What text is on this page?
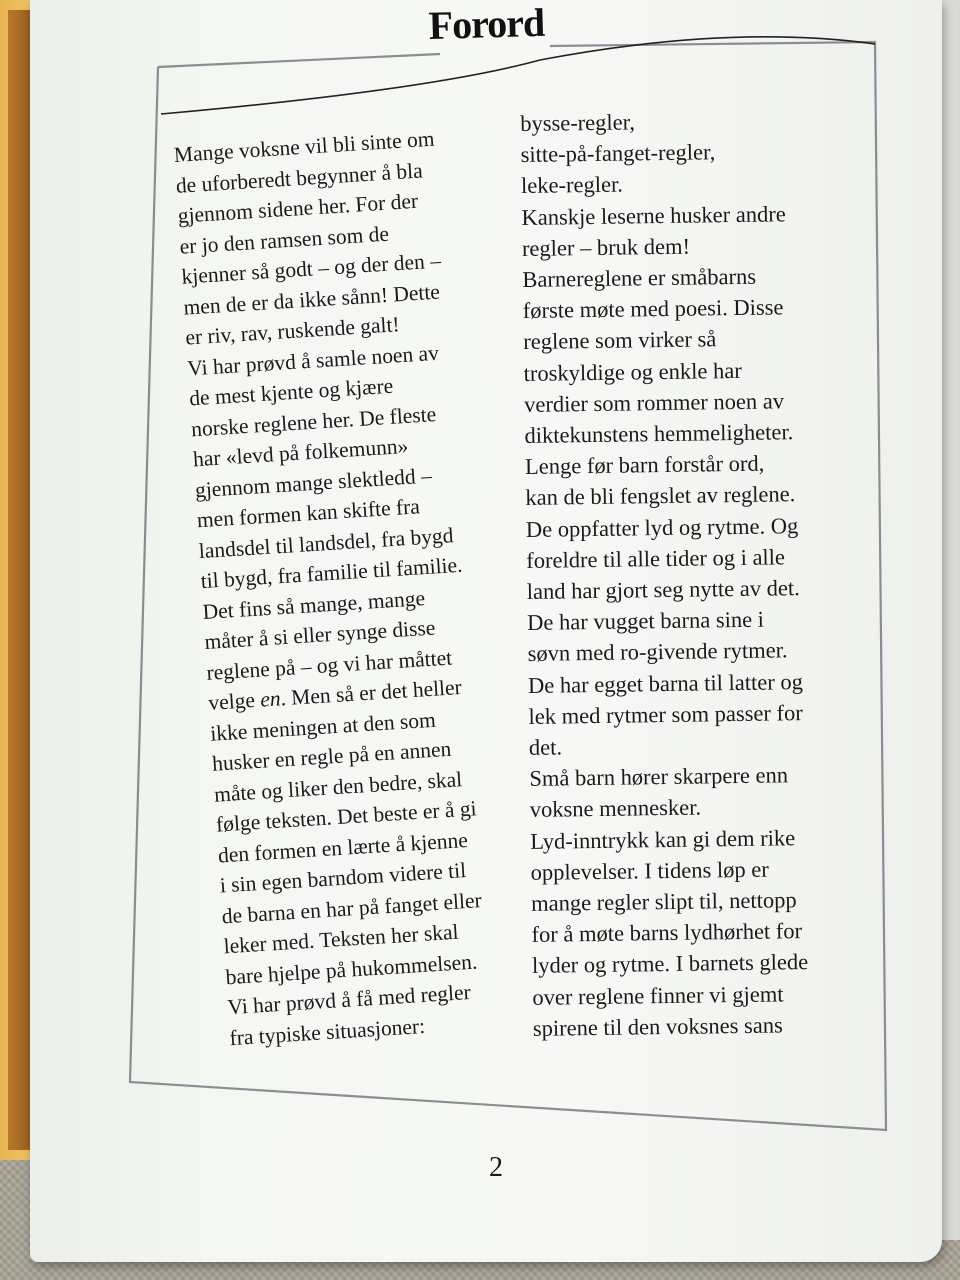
Forord
Mange voksne vil bli sinte om
de uforberedt begynner å bla
gjennom sidene her. For der
er jo den ramsen som de
kjenner så godt – og der den –
men de er da ikke sånn! Dette
er riv, rav, ruskende galt!
Vi har prøvd å samle noen av
de mest kjente og kjære
norske reglene her. De fleste
har «levd på folkemunn»
gjennom mange slektledd –
men formen kan skifte fra
landsdel til landsdel, fra bygd
til bygd, fra familie til familie.
Det fins så mange, mange
måter å si eller synge disse
reglene på – og vi har måttet
velge en. Men så er det heller
ikke meningen at den som
husker en regle på en annen
måte og liker den bedre, skal
følge teksten. Det beste er å gi
den formen en lærte å kjenne
i sin egen barndom videre til
de barna en har på fanget eller
leker med. Teksten her skal
bare hjelpe på hukommelsen.
Vi har prøvd å få med regler
fra typiske situasjoner:
bysse-regler,
sitte-på-fanget-regler,
leke-regler.
Kanskje leserne husker andre
regler – bruk dem!
Barnereglene er småbarns
første møte med poesi. Disse
reglene som virker så
troskyldige og enkle har
verdier som rommer noen av
diktekunstens hemmeligheter.
Lenge før barn forstår ord,
kan de bli fengslet av reglene.
De oppfatter lyd og rytme. Og
foreldre til alle tider og i alle
land har gjort seg nytte av det.
De har vugget barna sine i
søvn med ro-givende rytmer.
De har egget barna til latter og
lek med rytmer som passer for
det.
Små barn hører skarpere enn
voksne mennesker.
Lyd-inntrykk kan gi dem rike
opplevelser. I tidens løp er
mange regler slipt til, nettopp
for å møte barns lydhørhet for
lyder og rytme. I barnets glede
over reglene finner vi gjemt
spirene til den voksnes sans
2
